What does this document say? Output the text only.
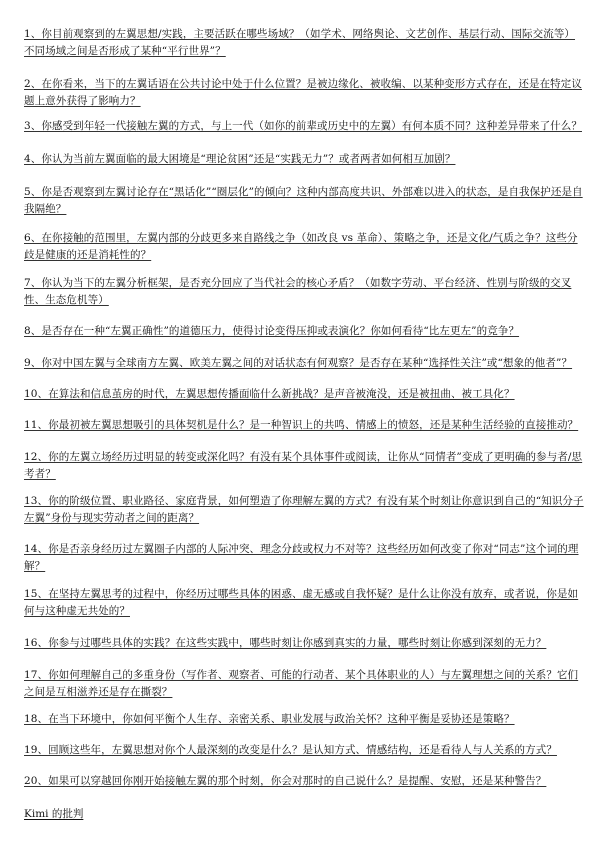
1、你目前观察到的左翼思想/实践，主要活跃在哪些场域？（如学术、网络舆论、文艺创作、基层行动、国际交流等）不同场域之间是否形成了某种“平行世界”？

2、在你看来，当下的左翼话语在公共讨论中处于什么位置？是被边缘化、被收编、以某种变形方式存在，还是在特定议题上意外获得了影响力？

3、你感受到年轻一代接触左翼的方式，与上一代（如你的前辈或历史中的左翼）有何本质不同？这种差异带来了什么？

4、你认为当前左翼面临的最大困境是“理论贫困”还是“实践无力”？或者两者如何相互加剧？

5、你是否观察到左翼讨论存在“黑话化”“圈层化”的倾向？这种内部高度共识、外部难以进入的状态，是自我保护还是自我隔绝？

6、在你接触的范围里，左翼内部的分歧更多来自路线之争（如改良 vs 革命）、策略之争，还是文化/气质之争？这些分歧是健康的还是消耗性的？

7、你认为当下的左翼分析框架，是否充分回应了当代社会的核心矛盾？（如数字劳动、平台经济、性别与阶级的交叉性、生态危机等）

8、是否存在一种“左翼正确性”的道德压力，使得讨论变得压抑或表演化？你如何看待“比左更左”的竞争？

9、你对中国左翼与全球南方左翼、欧美左翼之间的对话状态有何观察？是否存在某种“选择性关注”或“想象的他者”？

10、在算法和信息茧房的时代，左翼思想传播面临什么新挑战？是声音被淹没，还是被扭曲、被工具化？

11、你最初被左翼思想吸引的具体契机是什么？是一种智识上的共鸣、情感上的愤怒，还是某种生活经验的直接推动？

12、你的左翼立场经历过明显的转变或深化吗？有没有某个具体事件或阅读，让你从“同情者”变成了更明确的参与者/思考者？

13、你的阶级位置、职业路径、家庭背景，如何塑造了你理解左翼的方式？有没有某个时刻让你意识到自己的“知识分子左翼”身份与现实劳动者之间的距离？

14、你是否亲身经历过左翼圈子内部的人际冲突、理念分歧或权力不对等？这些经历如何改变了你对“同志”这个词的理解？

15、在坚持左翼思考的过程中，你经历过哪些具体的困惑、虚无感或自我怀疑？是什么让你没有放弃，或者说，你是如何与这种虚无共处的？

16、你参与过哪些具体的实践？在这些实践中，哪些时刻让你感到真实的力量，哪些时刻让你感到深刻的无力？

17、你如何理解自己的多重身份（写作者、观察者、可能的行动者、某个具体职业的人）与左翼理想之间的关系？它们之间是互相滋养还是存在撕裂？

18、在当下环境中，你如何平衡个人生存、亲密关系、职业发展与政治关怀？这种平衡是妥协还是策略？

19、回顾这些年，左翼思想对你个人最深刻的改变是什么？是认知方式、情感结构，还是看待人与人关系的方式？

20、如果可以穿越回你刚开始接触左翼的那个时刻，你会对那时的自己说什么？是提醒、安慰，还是某种警告？

Kimi 的批判
